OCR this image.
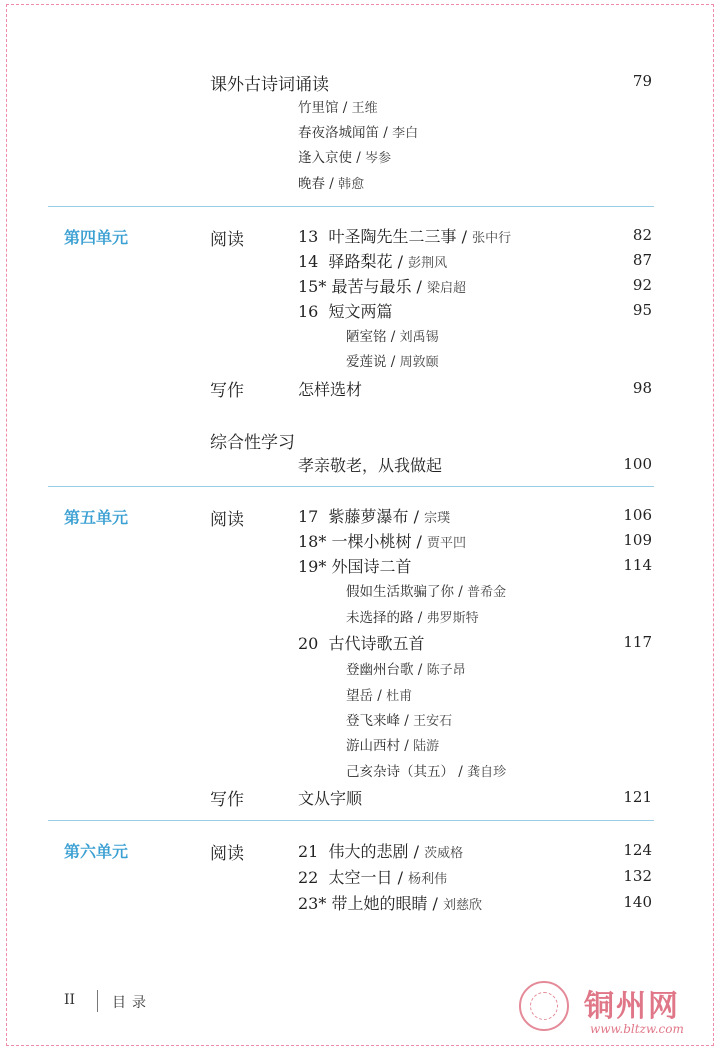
课外古诗词诵读	79
竹里馆 / 王维
春夜洛城闻笛 / 李白
逢入京使 / 岑参
晚春 / 韩愈
第四单元	阅读	13 叶圣陶先生二三事 / 张中行	82
14 驿路梨花 / 彭荆风	87
15* 最苦与最乐 / 梁启超	92
16 短文两篇	95
陋室铭 / 刘禹锡
爱莲说 / 周敦颐
写作	怎样选材	98
综合性学习
孝亲敬老，从我做起	100
第五单元	阅读	17 紫藤萝瀑布 / 宗璞	106
18* 一棵小桃树 / 贾平凹	109
19* 外国诗二首	114
假如生活欺骗了你 / 普希金
未选择的路 / 弗罗斯特
20 古代诗歌五首	117
登幽州台歌 / 陈子昂
望岳 / 杜甫
登飞来峰 / 王安石
游山西村 / 陆游
己亥杂诗（其五） / 龚自珍
写作	文从字顺	121
第六单元	阅读	21 伟大的悲剧 / 茨威格	124
22 太空一日 / 杨利伟	132
23* 带上她的眼睛 / 刘慈欣	140
II	目录	铜州网
www.bltzw.com
